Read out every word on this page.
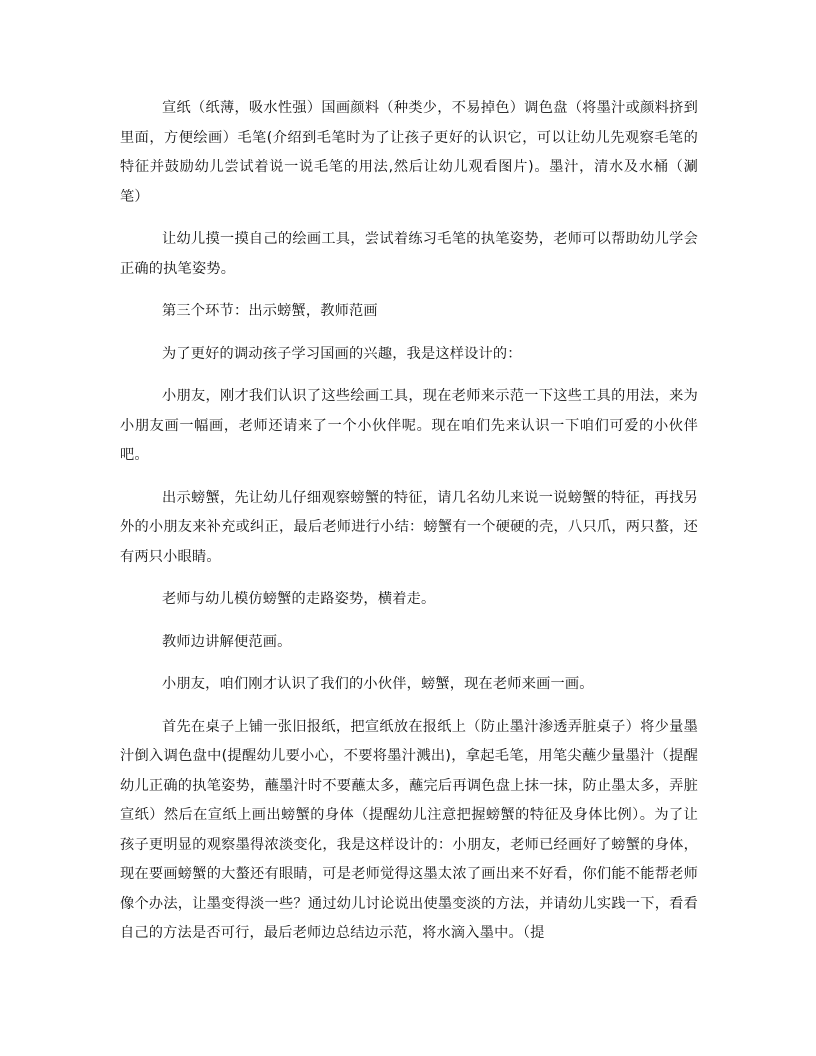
宣纸（纸薄，吸水性强）国画颜料（种类少，不易掉色）调色盘（将墨汁或颜料挤到里面，方便绘画）毛笔(介绍到毛笔时为了让孩子更好的认识它，可以让幼儿先观察毛笔的特征并鼓励幼儿尝试着说一说毛笔的用法,然后让幼儿观看图片)。墨汁，清水及水桶（涮笔）

让幼儿摸一摸自己的绘画工具，尝试着练习毛笔的执笔姿势，老师可以帮助幼儿学会正确的执笔姿势。

第三个环节：出示螃蟹，教师范画

为了更好的调动孩子学习国画的兴趣，我是这样设计的：

小朋友，刚才我们认识了这些绘画工具，现在老师来示范一下这些工具的用法，来为小朋友画一幅画，老师还请来了一个小伙伴呢。现在咱们先来认识一下咱们可爱的小伙伴吧。

出示螃蟹，先让幼儿仔细观察螃蟹的特征，请几名幼儿来说一说螃蟹的特征，再找另外的小朋友来补充或纠正，最后老师进行小结：螃蟹有一个硬硬的壳，八只爪，两只螯，还有两只小眼睛。

老师与幼儿模仿螃蟹的走路姿势，横着走。

教师边讲解便范画。

小朋友，咱们刚才认识了我们的小伙伴，螃蟹，现在老师来画一画。

首先在桌子上铺一张旧报纸，把宣纸放在报纸上（防止墨汁渗透弄脏桌子）将少量墨汁倒入调色盘中(提醒幼儿要小心，不要将墨汁溅出)，拿起毛笔，用笔尖蘸少量墨汁（提醒幼儿正确的执笔姿势，蘸墨汁时不要蘸太多，蘸完后再调色盘上抹一抹，防止墨太多，弄脏宣纸）然后在宣纸上画出螃蟹的身体（提醒幼儿注意把握螃蟹的特征及身体比例）。为了让孩子更明显的观察墨得浓淡变化，我是这样设计的：小朋友，老师已经画好了螃蟹的身体，现在要画螃蟹的大螯还有眼睛，可是老师觉得这墨太浓了画出来不好看，你们能不能帮老师像个办法，让墨变得淡一些？通过幼儿讨论说出使墨变淡的方法，并请幼儿实践一下，看看自己的方法是否可行，最后老师边总结边示范，将水滴入墨中。（提
